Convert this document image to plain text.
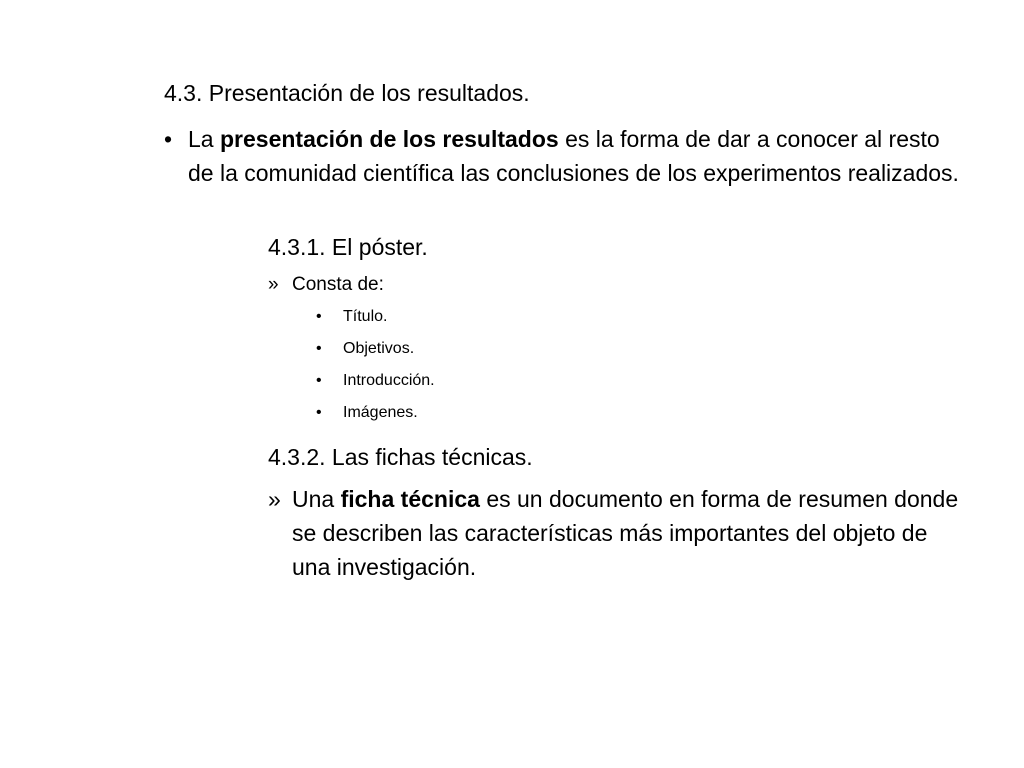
4.3. Presentación de los resultados.
• La presentación de los resultados es la forma de dar a conocer al resto de la comunidad científica las conclusiones de los experimentos realizados.
4.3.1. El póster.
» Consta de:
•	Título.
•	Objetivos.
•	Introducción.
•	Imágenes.
4.3.2. Las fichas técnicas.
» Una ficha técnica es un documento en forma de resumen donde se describen las características más importantes del objeto de una investigación.
